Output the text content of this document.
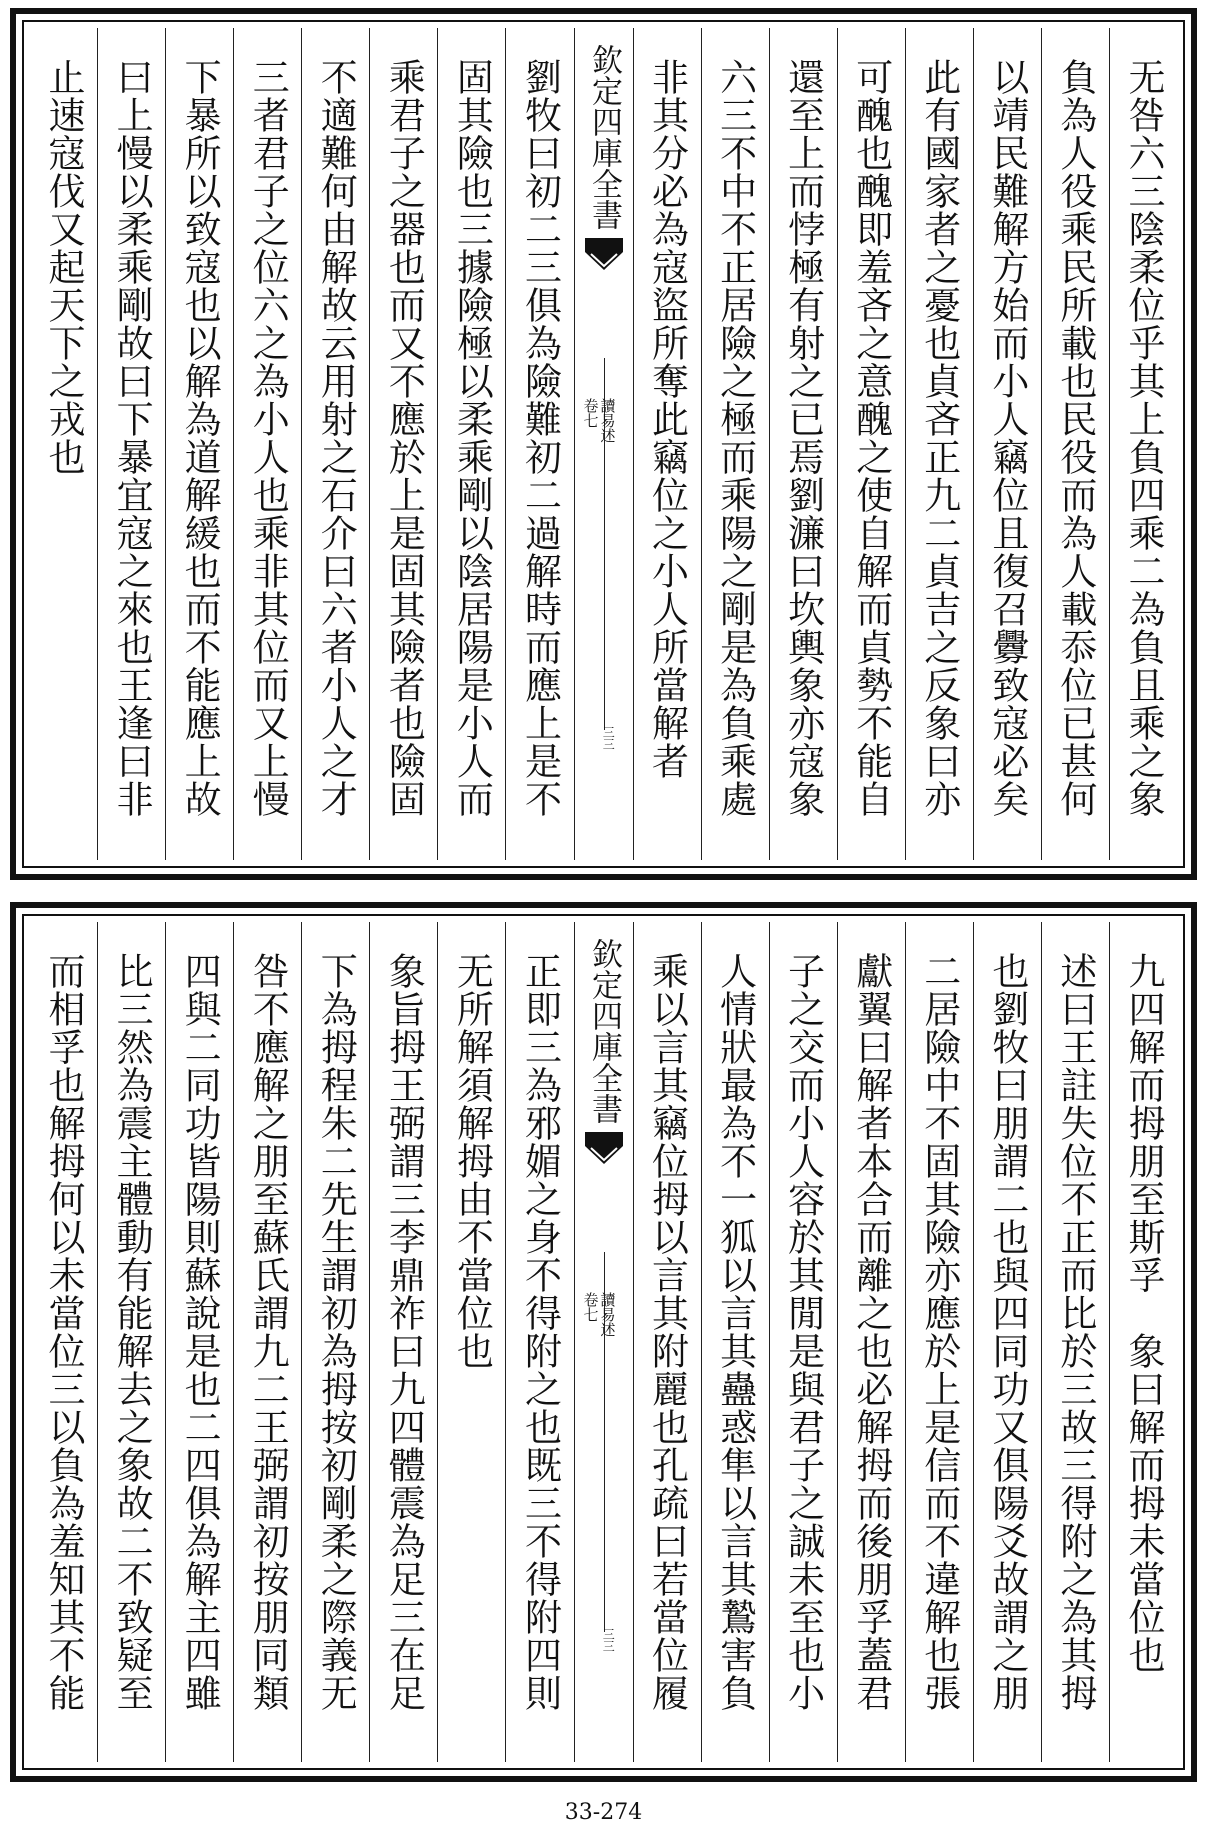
无咎六三陰柔位乎其上負四乘二為負且乘之象
負為人役乘民所載也民役而為人載忝位已甚何
以靖民難解方始而小人竊位且復召釁致寇必矣
此有國家者之憂也貞吝正九二貞吉之反象曰亦
可醜也醜即羞吝之意醜之使自解而貞勢不能自
還至上而悖極有射之已焉劉濂曰坎輿象亦寇象
六三不中不正居險之極而乘陽之剛是為負乘處
非其分必為寇盜所奪此竊位之小人所當解者
欽定四庫全書
讀易述
卷七
三三
劉牧曰初二三俱為險難初二過解時而應上是不
固其險也三據險極以柔乘剛以陰居陽是小人而
乘君子之器也而又不應於上是固其險者也險固
不適難何由解故云用射之石介曰六者小人之才
三者君子之位六之為小人也乘非其位而又上慢
下暴所以致寇也以解為道解緩也而不能應上故
曰上慢以柔乘剛故曰下暴宜寇之來也王逢曰非
止速寇伐又起天下之戎也
九四解而拇朋至斯孚　象曰解而拇未當位也
述曰王註失位不正而比於三故三得附之為其拇
也劉牧曰朋謂二也與四同功又俱陽爻故謂之朋
二居險中不固其險亦應於上是信而不違解也張
獻翼曰解者本合而離之也必解拇而後朋孚蓋君
子之交而小人容於其閒是與君子之誠未至也小
人情狀最為不一狐以言其蠱惑隼以言其鷙害負
乘以言其竊位拇以言其附麗也孔疏曰若當位履
欽定四庫全書
讀易述
卷七
三三
正即三為邪媚之身不得附之也既三不得附四則
无所解須解拇由不當位也
象旨拇王弼謂三李鼎祚曰九四體震為足三在足
下為拇程朱二先生謂初為拇按初剛柔之際義无
咎不應解之朋至蘇氏謂九二王弼謂初按朋同類
四與二同功皆陽則蘇說是也二四俱為解主四雖
比三然為震主體動有能解去之象故二不致疑至
而相孚也解拇何以未當位三以負為羞知其不能
33-274
